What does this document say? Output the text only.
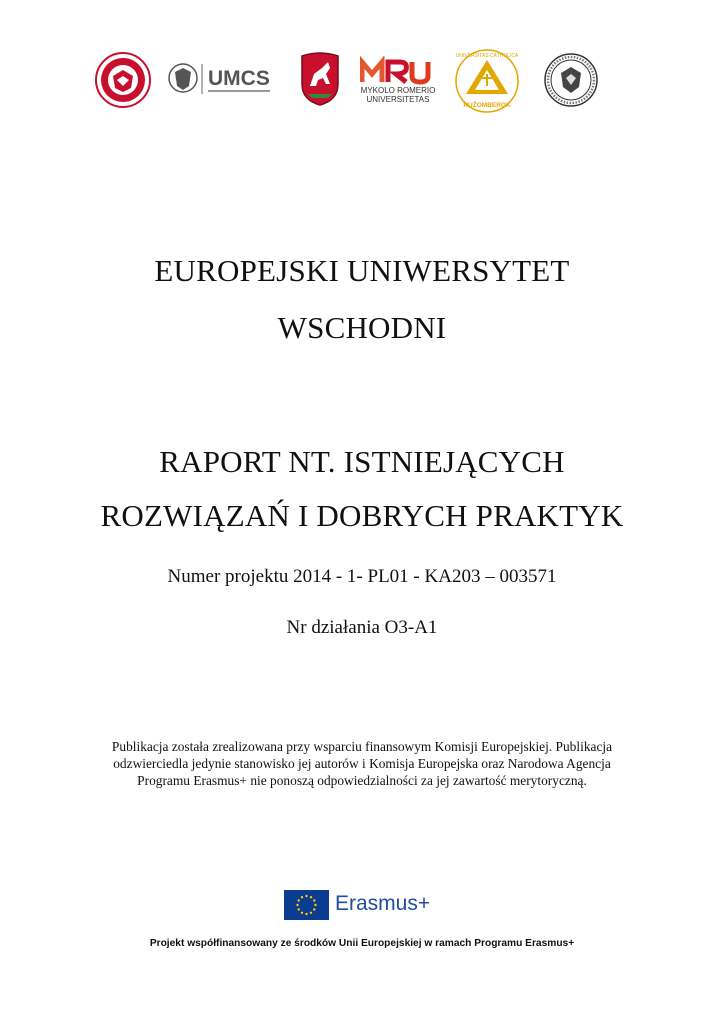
UMCS
MYKOLO ROMERIO
UNIVERSITETAS
UNIVERSITAS CATHOLICA
RUŽOMBEROK
EUROPEJSKI UNIWERSYTET
WSCHODNI
RAPORT NT. ISTNIEJĄCYCH
ROZWIĄZAŃ I DOBRYCH PRAKTYK
Numer projektu 2014 - 1- PL01 - KA203 – 003571
Nr działania O3-A1
Publikacja została zrealizowana przy wsparciu finansowym Komisji Europejskiej. Publikacja
odzwierciedla jedynie stanowisko jej autorów i Komisja Europejska oraz Narodowa Agencja
Programu Erasmus+ nie ponoszą odpowiedzialności za jej zawartość merytoryczną.
Erasmus+
Projekt współfinansowany ze środków Unii Europejskiej w ramach Programu Erasmus+
